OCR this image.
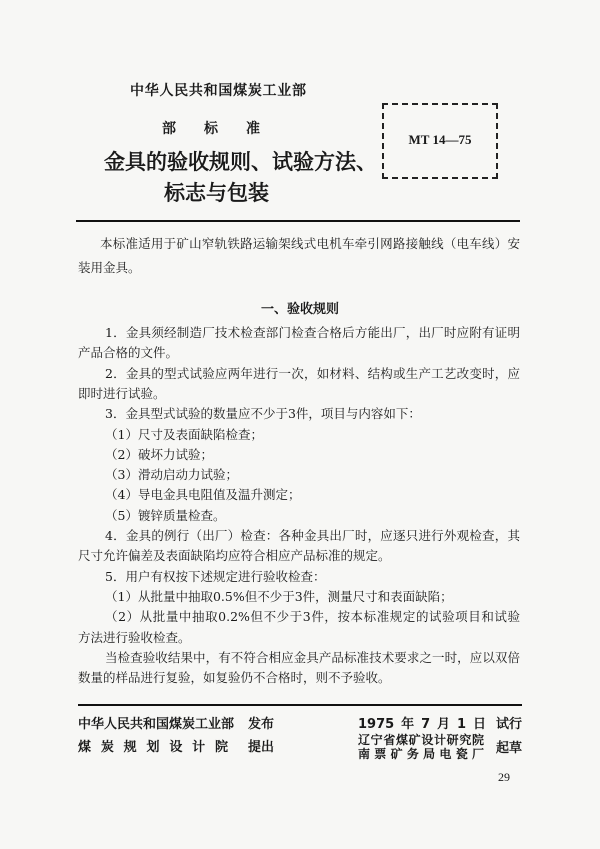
中华人民共和国煤炭工业部
部标准
MT 14—75
金具的验收规则、试验方法、
标志与包装
本标准适用于矿山窄轨铁路运输架线式电机车牵引网路接触线（电车线）安
装用金具。
一、验收规则
1．金具须经制造厂技术检查部门检查合格后方能出厂，出厂时应附有证明
产品合格的文件。
2．金具的型式试验应两年进行一次，如材料、结构或生产工艺改变时，应
即时进行试验。
3．金具型式试验的数量应不少于3件，项目与内容如下：
（1）尺寸及表面缺陷检查；
（2）破坏力试验；
（3）滑动启动力试验；
（4）导电金具电阻值及温升测定；
（5）镀锌质量检查。
4．金具的例行（出厂）检查：各种金具出厂时，应逐只进行外观检查，其
尺寸允许偏差及表面缺陷均应符合相应产品标准的规定。
5．用户有权按下述规定进行验收检查：
（1）从批量中抽取0.5%但不少于3件，测量尺寸和表面缺陷；
（2）从批量中抽取0.2%但不少于3件，按本标准规定的试验项目和试验
方法进行验收检查。
当检查验收结果中，有不符合相应金具产品标准技术要求之一时，应以双倍
数量的样品进行复验，如复验仍不合格时，则不予验收。
中华人民共和国煤炭工业部 发布
煤炭规划设计院 提出
1975年7月1日 试行
辽宁省煤矿设计研究院
南票矿务局电瓷厂 起草
29
